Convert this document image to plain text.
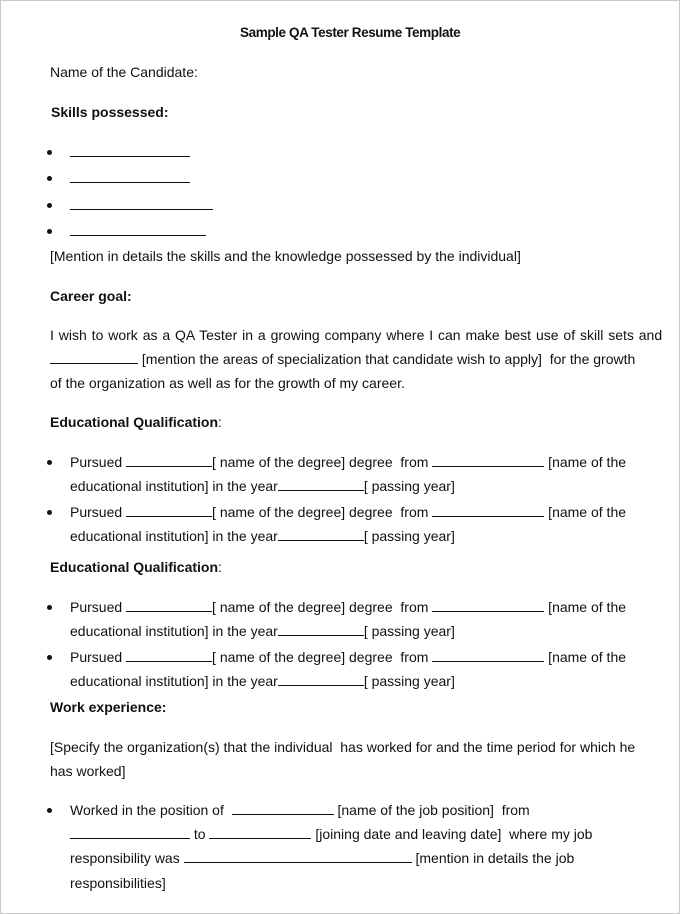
Sample QA Tester Resume Template
Name of the Candidate:
Skills possessed:
[Mention in details the skills and the knowledge possessed by the individual]
Career goal:
I wish to work as a QA Tester in a growing company where I can make best use of skill sets and
[mention the areas of specialization that candidate wish to apply]  for the growth
of the organization as well as for the growth of my career.
Educational Qualification:
Pursued	[ name of the degree] degree  from	[name of the
educational institution] in the year	[ passing year]
Pursued	[ name of the degree] degree  from	[name of the
educational institution] in the year	[ passing year]
Educational Qualification:
Pursued	[ name of the degree] degree  from	[name of the
educational institution] in the year	[ passing year]
Pursued	[ name of the degree] degree  from	[name of the
educational institution] in the year	[ passing year]
Work experience:
[Specify the organization(s) that the individual  has worked for and the time period for which he
has worked]
Worked in the position of	[name of the job position]  from
to	[joining date and leaving date]  where my job
responsibility was	[mention in details the job
responsibilities]
